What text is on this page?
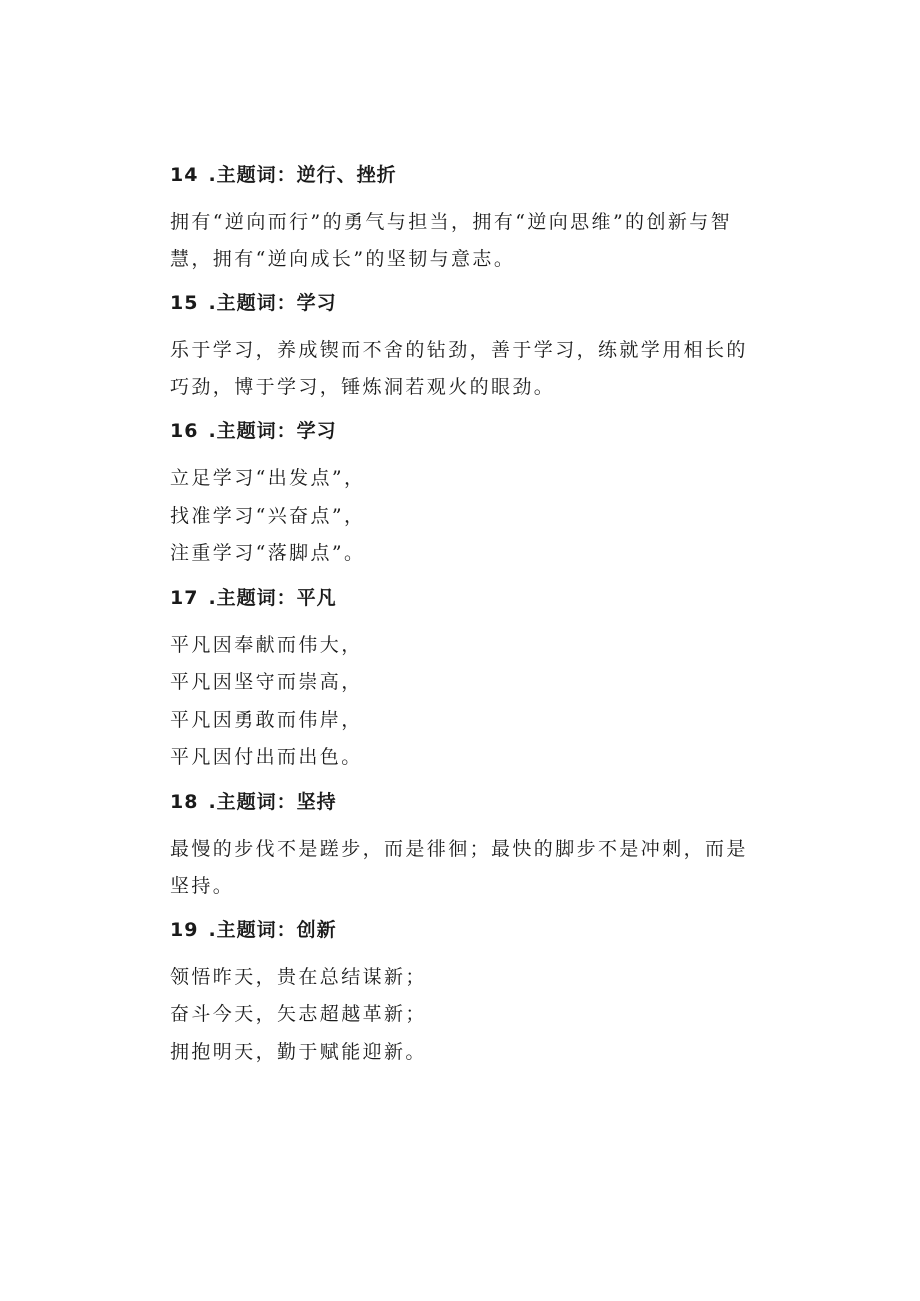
14 .主题词：逆行、挫折
拥有“逆向而行”的勇气与担当，拥有“逆向思维”的创新与智慧，拥有“逆向成长”的坚韧与意志。
15 .主题词：学习
乐于学习，养成锲而不舍的钻劲，善于学习，练就学用相长的巧劲，博于学习，锤炼洞若观火的眼劲。
16 .主题词：学习
立足学习“出发点”，
找准学习“兴奋点”，
注重学习“落脚点”。
17 .主题词：平凡
平凡因奉献而伟大，
平凡因坚守而崇高，
平凡因勇敢而伟岸，
平凡因付出而出色。
18 .主题词：坚持
最慢的步伐不是蹉步，而是徘徊；最快的脚步不是冲刺，而是坚持。
19 .主题词：创新
领悟昨天，贵在总结谋新；
奋斗今天，矢志超越革新；
拥抱明天，勤于赋能迎新。
